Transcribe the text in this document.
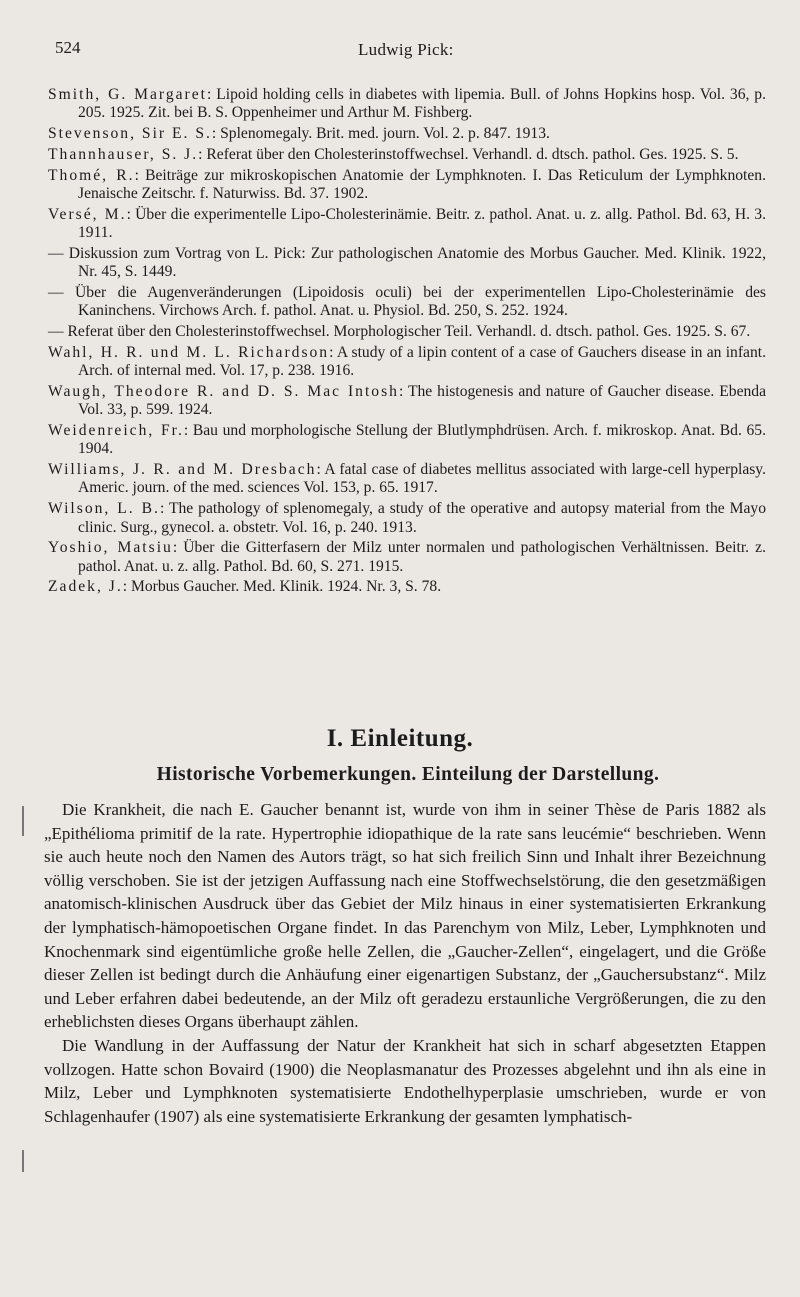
524	Ludwig Pick:

Smith, G. Margaret: Lipoid holding cells in diabetes with lipemia. Bull. of Johns Hopkins hosp. Vol. 36, p. 205. 1925. Zit. bei B. S. Oppenheimer und Arthur M. Fishberg.

Stevenson, Sir E. S.: Splenomegaly. Brit. med. journ. Vol. 2. p. 847. 1913.

Thannhauser, S. J.: Referat über den Cholesterinstoffwechsel. Verhandl. d. dtsch. pathol. Ges. 1925. S. 5.

Thomé, R.: Beiträge zur mikroskopischen Anatomie der Lymphknoten. I. Das Reticulum der Lymphknoten. Jenaische Zeitschr. f. Naturwiss. Bd. 37. 1902.

Versé, M.: Über die experimentelle Lipo-Cholesterinämie. Beitr. z. pathol. Anat. u. z. allg. Pathol. Bd. 63, H. 3. 1911.

— Diskussion zum Vortrag von L. Pick: Zur pathologischen Anatomie des Morbus Gaucher. Med. Klinik. 1922, Nr. 45, S. 1449.

— Über die Augenveränderungen (Lipoidosis oculi) bei der experimentellen Lipo-Cholesterinämie des Kaninchens. Virchows Arch. f. pathol. Anat. u. Physiol. Bd. 250, S. 252. 1924.

— Referat über den Cholesterinstoffwechsel. Morphologischer Teil. Verhandl. d. dtsch. pathol. Ges. 1925. S. 67.

Wahl, H. R. und M. L. Richardson: A study of a lipin content of a case of Gauchers disease in an infant. Arch. of internal med. Vol. 17, p. 238. 1916.

Waugh, Theodore R. and D. S. Mac Intosh: The histogenesis and nature of Gaucher disease. Ebenda Vol. 33, p. 599. 1924.

Weidenreich, Fr.: Bau und morphologische Stellung der Blutlymphdrüsen. Arch. f. mikroskop. Anat. Bd. 65. 1904.

Williams, J. R. and M. Dresbach: A fatal case of diabetes mellitus associated with large-cell hyperplasy. Americ. journ. of the med. sciences Vol. 153, p. 65. 1917.

Wilson, L. B.: The pathology of splenomegaly, a study of the operative and autopsy material from the Mayo clinic. Surg., gynecol. a. obstetr. Vol. 16, p. 240. 1913.

Yoshio, Matsiu: Über die Gitterfasern der Milz unter normalen und pathologischen Verhältnissen. Beitr. z. pathol. Anat. u. z. allg. Pathol. Bd. 60, S. 271. 1915.

Zadek, J.: Morbus Gaucher. Med. Klinik. 1924. Nr. 3, S. 78.

I. Einleitung.
Historische Vorbemerkungen. Einteilung der Darstellung.

Die Krankheit, die nach E. Gaucher benannt ist, wurde von ihm in seiner Thèse de Paris 1882 als „Epithélioma primitif de la rate. Hypertrophie idiopathique de la rate sans leucémie“ beschrieben. Wenn sie auch heute noch den Namen des Autors trägt, so hat sich freilich Sinn und Inhalt ihrer Bezeichnung völlig verschoben. Sie ist der jetzigen Auffassung nach eine Stoffwechselstörung, die den gesetzmäßigen anatomisch-klinischen Ausdruck über das Gebiet der Milz hinaus in einer systematisierten Erkrankung der lymphatisch-hämopoetischen Organe findet. In das Parenchym von Milz, Leber, Lymphknoten und Knochenmark sind eigentümliche große helle Zellen, die „Gaucher-Zellen“, eingelagert, und die Größe dieser Zellen ist bedingt durch die Anhäufung einer eigenartigen Substanz, der „Gauchersubstanz“. Milz und Leber erfahren dabei bedeutende, an der Milz oft geradezu erstaunliche Vergrößerungen, die zu den erheblichsten dieses Organs überhaupt zählen.

Die Wandlung in der Auffassung der Natur der Krankheit hat sich in scharf abgesetzten Etappen vollzogen. Hatte schon Bovaird (1900) die Neoplasmanatur des Prozesses abgelehnt und ihn als eine in Milz, Leber und Lymphknoten systematisierte Endothelhyperplasie umschrieben, wurde er von Schlagenhaufer (1907) als eine systematisierte Erkrankung der gesamten lymphatisch-
